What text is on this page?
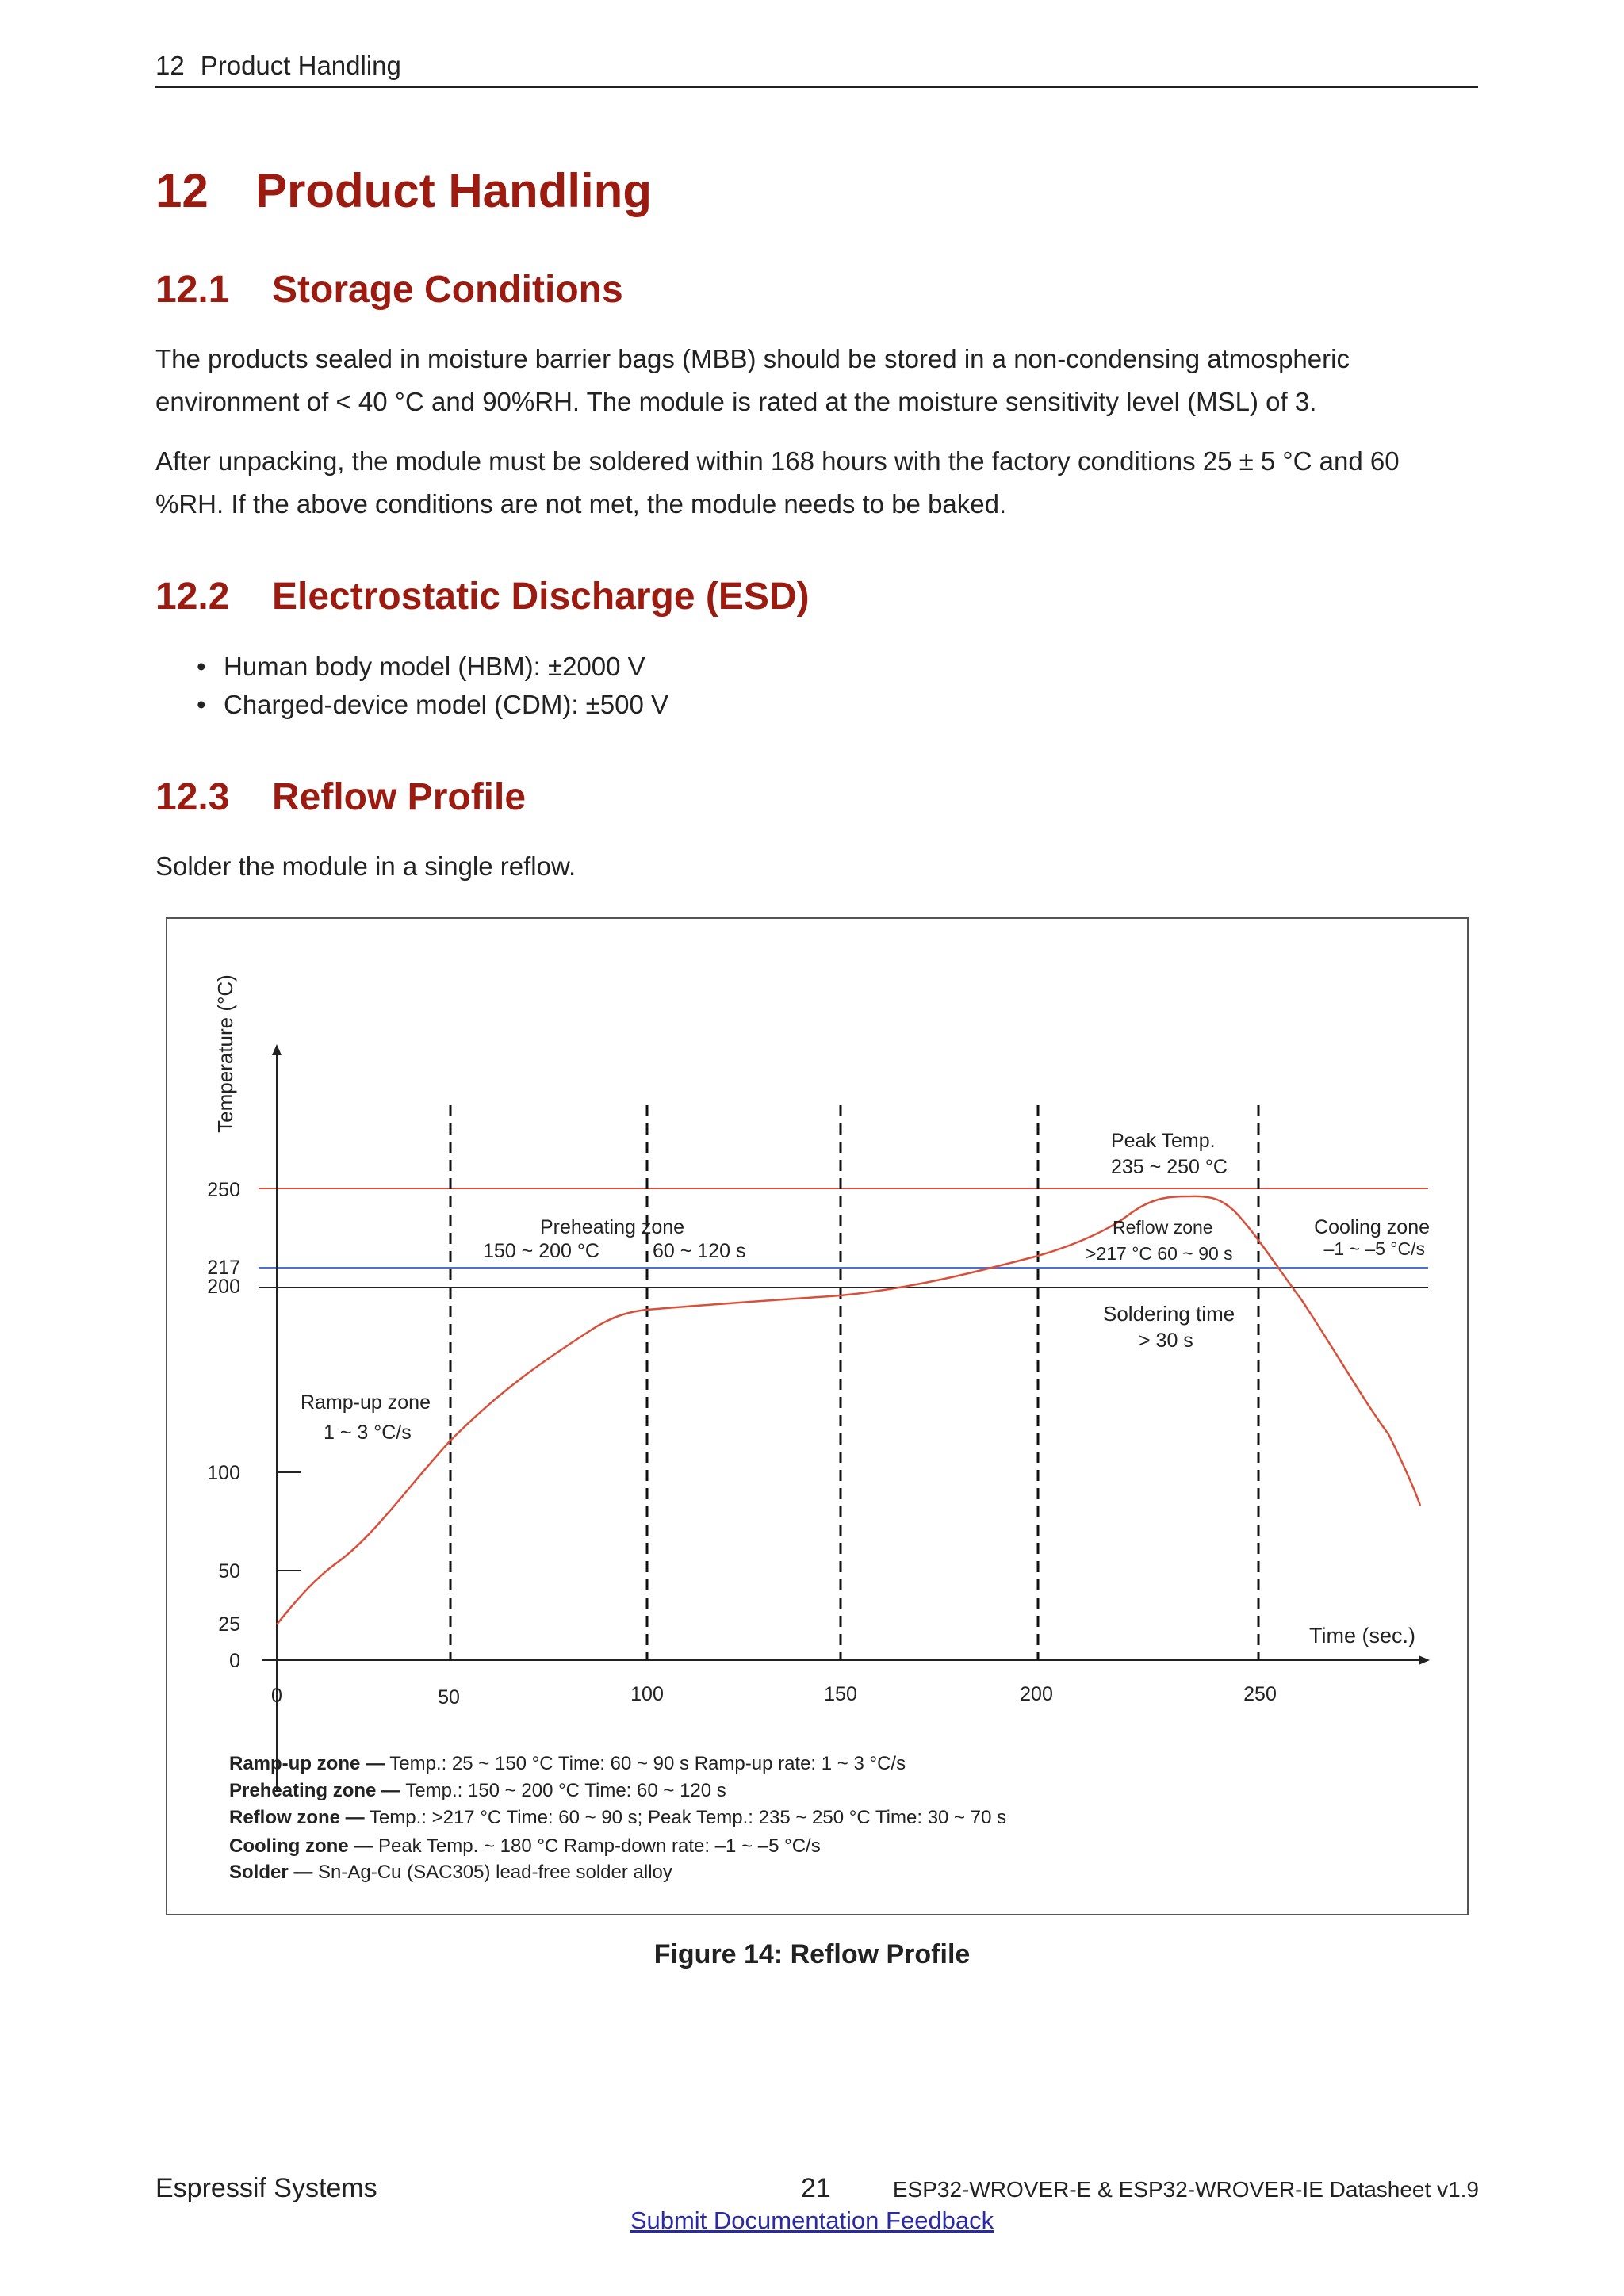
12 Product Handling
12 Product Handling
12.1 Storage Conditions

The products sealed in moisture barrier bags (MBB) should be stored in a non-condensing atmospheric environment of < 40 °C and 90%RH. The module is rated at the moisture sensitivity level (MSL) of 3.

After unpacking, the module must be soldered within 168 hours with the factory conditions 25 ± 5 °C and 60 %RH. If the above conditions are not met, the module needs to be baked.

12.2 Electrostatic Discharge (ESD)
• Human body model (HBM): ±2000 V
• Charged-device model (CDM): ±500 V
12.3 Reflow Profile

Solder the module in a single reflow.

Temperature (°C)
250
217
200
100
50
25
0
0	50	100	150	200	250
Time (sec.)
Ramp-up zone
1 ~ 3 °C/s
Preheating zone
150 ~ 200 °C	60 ~ 120 s
Peak Temp.
235 ~ 250 °C
Reflow zone
>217 °C 60 ~ 90 s
Cooling zone
–1 ~ –5 °C/s
Soldering time
> 30 s
Ramp-up zone — Temp.: 25 ~ 150 °C Time: 60 ~ 90 s Ramp-up rate: 1 ~ 3 °C/s
Preheating zone — Temp.: 150 ~ 200 °C Time: 60 ~ 120 s
Reflow zone — Temp.: >217 °C Time: 60 ~ 90 s; Peak Temp.: 235 ~ 250 °C Time: 30 ~ 70 s
Cooling zone — Peak Temp. ~ 180 °C Ramp-down rate: –1 ~ –5 °C/s
Solder — Sn-Ag-Cu (SAC305) lead-free solder alloy
Figure 14: Reflow Profile
Espressif Systems	21	ESP32-WROVER-E & ESP32-WROVER-IE Datasheet v1.9
Submit Documentation Feedback
